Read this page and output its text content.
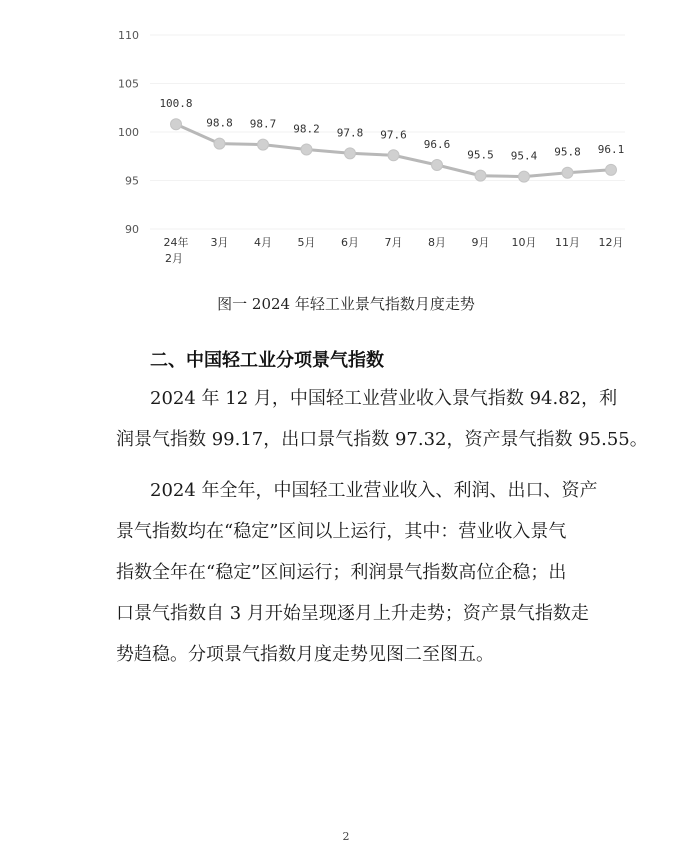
90
95
100
105
110
100.8
98.8 98.7 98.2 97.8 97.6
96.6
95.5 95.4 95.8 96.1
24年 2月
3月 4月 5月 6月 7月 8月 9月 10月 11月 12月
图一 2024 年轻工业景气指数月度走势
二、中国轻工业分项景气指数
2024 年 12 月，中国轻工业营业收入景气指数 94.82，利
润景气指数 99.17，出口景气指数 97.32，资产景气指数 95.55。
2024 年全年，中国轻工业营业收入、利润、出口、资产
景气指数均在“稳定”区间以上运行，其中：营业收入景气
指数全年在“稳定”区间运行；利润景气指数高位企稳；出
口景气指数自 3 月开始呈现逐月上升走势；资产景气指数走
势趋稳。分项景气指数月度走势见图二至图五。
2
